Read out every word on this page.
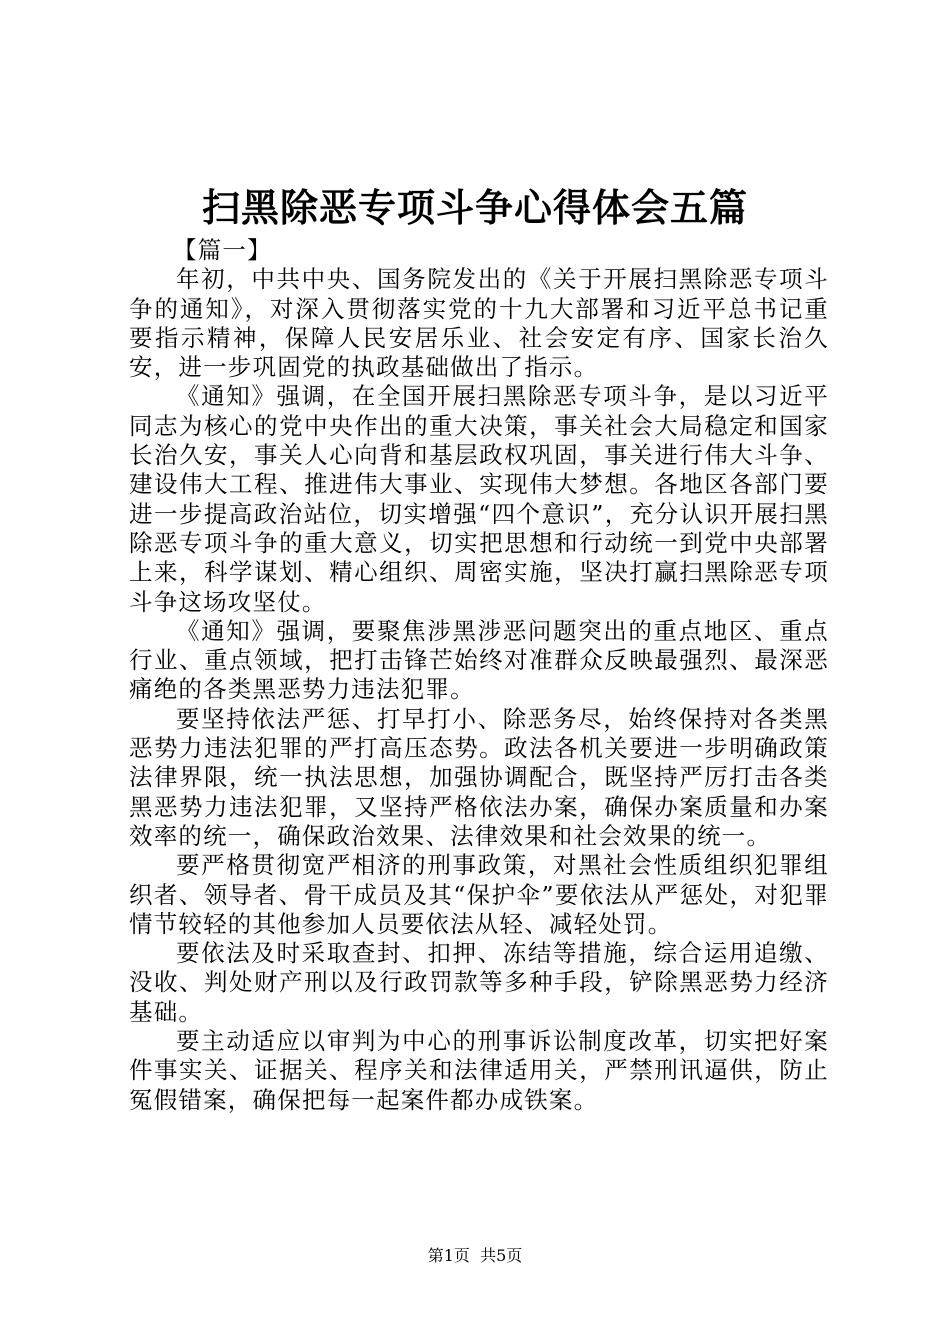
扫黑除恶专项斗争心得体会五篇
【篇一】

年初，中共中央、国务院发出的《关于开展扫黑除恶专项斗争的通知》，对深入贯彻落实党的十九大部署和习近平总书记重要指示精神，保障人民安居乐业、社会安定有序、国家长治久安，进一步巩固党的执政基础做出了指示。

《通知》强调，在全国开展扫黑除恶专项斗争，是以习近平同志为核心的党中央作出的重大决策，事关社会大局稳定和国家长治久安，事关人心向背和基层政权巩固，事关进行伟大斗争、建设伟大工程、推进伟大事业、实现伟大梦想。各地区各部门要进一步提高政治站位，切实增强“四个意识”，充分认识开展扫黑除恶专项斗争的重大意义，切实把思想和行动统一到党中央部署上来，科学谋划、精心组织、周密实施，坚决打赢扫黑除恶专项斗争这场攻坚仗。

《通知》强调，要聚焦涉黑涉恶问题突出的重点地区、重点行业、重点领域，把打击锋芒始终对准群众反映最强烈、最深恶痛绝的各类黑恶势力违法犯罪。

要坚持依法严惩、打早打小、除恶务尽，始终保持对各类黑恶势力违法犯罪的严打高压态势。政法各机关要进一步明确政策法律界限，统一执法思想，加强协调配合，既坚持严厉打击各类黑恶势力违法犯罪，又坚持严格依法办案，确保办案质量和办案效率的统一，确保政治效果、法律效果和社会效果的统一。

要严格贯彻宽严相济的刑事政策，对黑社会性质组织犯罪组织者、领导者、骨干成员及其“保护伞”要依法从严惩处，对犯罪情节较轻的其他参加人员要依法从轻、减轻处罚。

要依法及时采取查封、扣押、冻结等措施，综合运用追缴、没收、判处财产刑以及行政罚款等多种手段，铲除黑恶势力经济基础。

要主动适应以审判为中心的刑事诉讼制度改革，切实把好案件事实关、证据关、程序关和法律适用关，严禁刑讯逼供，防止冤假错案，确保把每一起案件都办成铁案。

第1页  共5页
